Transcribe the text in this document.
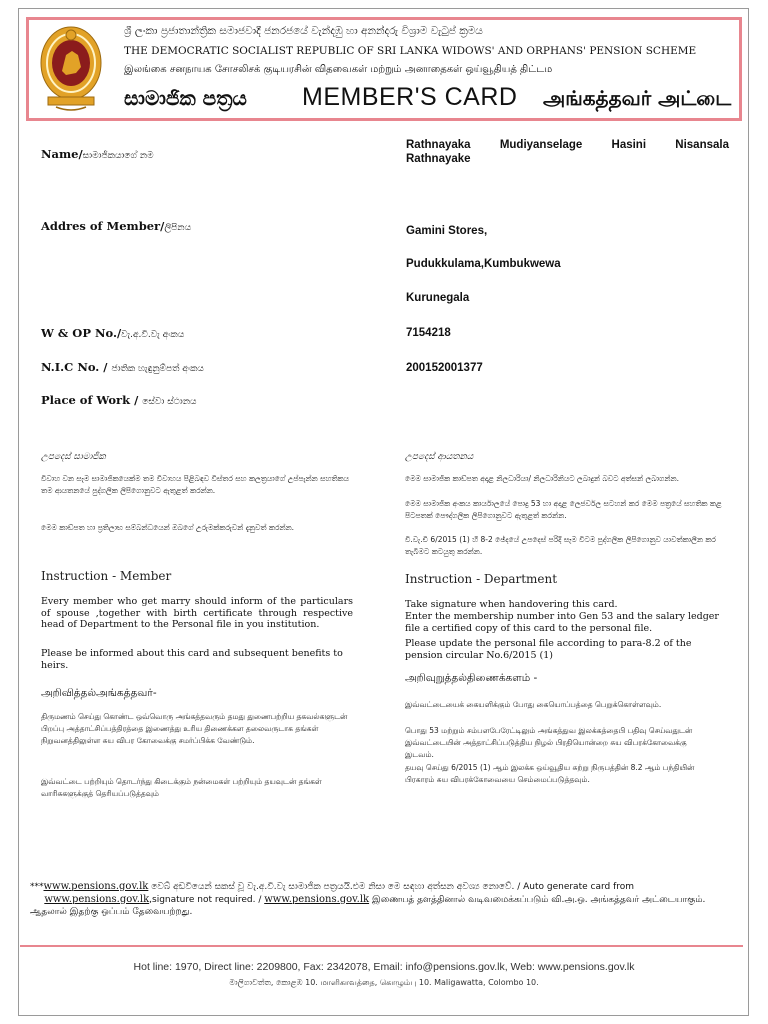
ශ්‍රී ලංකා ප්‍රජාතාන්ත්‍රික සමාජවාදී ජනරජයේ වැන්දඹු හා අනන්දරු විශ්‍රාම වැටුප් ක්‍රමය
THE DEMOCRATIC SOCIALIST REPUBLIC OF SRI LANKA WIDOWS' AND ORPHANS' PENSION SCHEME
இலங்கை சனநாயக சோசலிசக் குடியரசின் விதவைகள் மற்றும் அனாதைகள் ஒய்வூதியத் திட்டம
සාමාජික පත්‍රය MEMBER'S CARD அங்கத்தவர் அட்டை
Name/සාමාජිකයාගේ නම
Rathnayaka	Mudiyanselage	Hasini	Nisansala
Rathnayake
Addres of Member/ලිපිනය	Gamini Stores,
Pudukkulama,Kumbukwewa
Kurunegala
W & OP No./වැ.අ.වි.වැ අංකය	7154218
N.I.C No. / ජාතික හැඳුනුම්පත් අංකය	200152001377
Place of Work / සේවා ස්ථානය
උපදෙස් සාමාජික
විවාහ වන සෑම සාමාජිකයෙක්ම තම විවාහය පිළිබඳව විස්තර සහ කලත්‍රයාගේ උප්පැන්න සහතිකය තම ආයතනයේ පුද්ගලික ලිපිගොනුවට ඇතුළත් කරන්න.
මෙම කාඩ්පත හා ප්‍රතිලාභ සම්බන්ධයෙන් ඔබගේ උරුමක්කරුවන් දැනුවත් කරන්න.
Instruction - Member
Every member who get marry should inform of the particulars of spouse ,together with birth certificate through respective head of Department to the Personal file in you institution.
Please be informed about this card and subsequent benefits to heirs.
அறிவித்தல்அங்கத்தவர்-
திருமணம் செய்து கொண்ட ஒவ்வொரு அங்கத்தவரும் தமது துணைபற்றிய தகவல்களுடன் பிறப்பு அத்தாட்சிப்பத்திரத்தை இணைத்து உரிய திணைக்கள தலைவருடாக தங்கள் நிறுவனத்திலுள்ள சுய விபர கோவைக்கு சமர்ப்பிக்க வேண்டும்.
இவ்வட்டை பற்றியும் தொடர்ந்து கிடைக்கும் நன்மைகள் பற்றியும் தயவுடன் தங்கள் வாரிசுகளுக்குத் தெரியப்படுத்தவும்
උපදෙස් ආයතනය
මෙම සාමාජික කාඩ්පත අදාළ නිලධාරියා/ නිලධාරිනියට ලබාදුන් බවට අත්සන් ලබාගන්න.
මෙම සාමාජික අංකය කාර්යාලයේ පොදු 53 හා අදාළ ලෙජර්වල සටහන් කර මෙම පත්‍රයේ සහතික කළ පිටපතක් පෞද්ගලික ලිපිගොනුවට ඇතුළත් කරන්න.
වි.වැ.චි 6/2015 (1) හි 8-2 ඡේදයේ උපදෙස් පරිදි සෑම විටම පුද්ගලික ලිපිගොනුව යාවත්කාලීන කර තැබීමට කටයුතු කරන්න.
Instruction - Department
Take signature when handovering this card.
Enter the membership number into Gen 53 and the salary ledger file a certified copy of this card to the personal file.
Please update the personal file according to para-8.2 of the pension circular No.6/2015 (1)
அறிவுறுத்தல்திணைக்களம் -
இவ்வட்டையைக் கையளிக்கும் போது கையொப்பத்தை பெறுக்கொள்ளவும்.
பொது 53 மற்றும் சம்பளபேரேட்டிலும் அங்கத்துவ இலக்கத்தைபி பதிவு செய்வதுடன் இவ்வட்டையின் அத்தாட்சிப்படுத்திய நிழல் பிரதியொன்றை சுய விபரக்கோவைக்கு இடவம்.
தயவு செய்து 6/2015 (1) ஆம் இலக்க ஒய்வூதிய சுற்று நிருபத்தின் 8.2 ஆம் பந்தியின் பிரகாரம் சுய விபரக்கோவையை செம்மைப்படுத்தவும்.
***www.pensions.gov.lk වෙබ් අඩවියෙන් සකස් වූ වැ.අ.වි.වැ සාමාජික පත්‍රයයි.එම නිසා මෙ සඳහා අත්සන අවශ්‍ය නොවේ. / Auto generate card from
www.pensions.gov.lk,signature not required. / www.pensions.gov.lk இணையத் தளத்தினால் வடிவமைக்கப்படும் வி.அ.ஒ. அங்கத்தவர் அட்டையாகும். ஆதலால் இதற்கு ஒப்பம் தேவையற்றது.
Hot line: 1970, Direct line: 2209800, Fax: 2342078, Email: info@pensions.gov.lk, Web: www.pensions.gov.lk
මාලිගාවත්ත, කොළඹ 10. மாளிகாவத்தை, கொழும்பு 10. Maligawatta, Colombo 10.
